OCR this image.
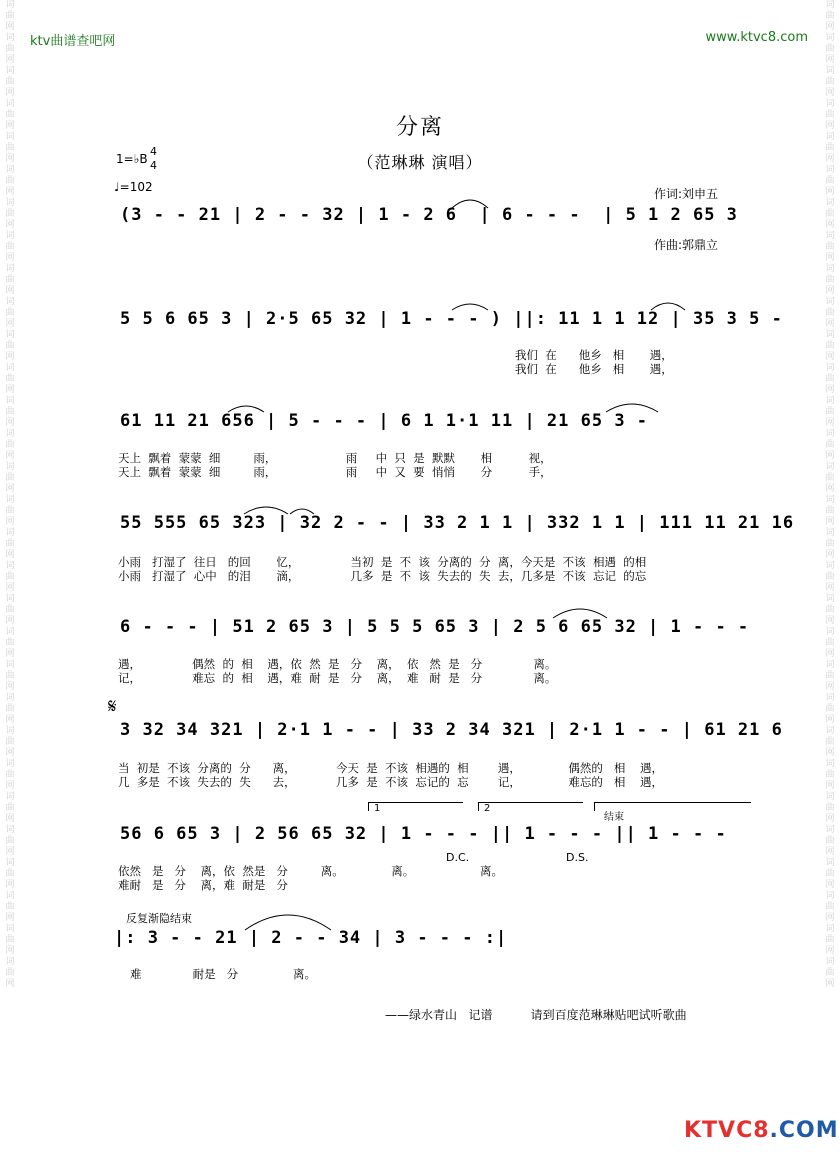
词曲网词曲网词曲网词曲网词曲网词曲网词曲网词曲网词曲网词曲网词曲网词曲网词曲网词曲网词曲网词曲网词曲网词曲网词曲网词曲网词曲网词曲网词曲网词曲网词曲网词曲网词曲网词曲网词曲网词曲网
词曲网词曲网词曲网词曲网词曲网词曲网词曲网词曲网词曲网词曲网词曲网词曲网词曲网词曲网词曲网词曲网词曲网词曲网词曲网词曲网词曲网词曲网词曲网词曲网词曲网词曲网词曲网词曲网词曲网词曲网
ktv曲谱查吧网	www.ktvc8.com
分离
（范琳琳 演唱）

作词:刘申五

作曲:郭鼎立

1=♭B
4
4
♩=102
(3 - - 21 | 2 - - 32 | 1 - 2 6  | 6 - - -  | 5 1 2 65 3
5 5 6 65 3 | 2·5 65 32 | 1 - - - ) ||: 11 1 1 12 | 35 3 5 -
我们  在      他乡   相       遇，
我们  在      他乡   相       遇，
61 11 21 656 | 5 - - - | 6 1 1·1 11 | 21 65 3 -
天上  飘着  蒙蒙  细         雨，                   雨     中  只  是  默默       相          视，
天上  飘着  蒙蒙  细         雨，                   雨     中  又  要  悄悄       分          手，
55 555 65 323 | 32 2 - - | 33 2 1 1 | 332 1 1 | 111 11 21 16
小雨   打湿了  往日   的回       忆，              当初  是  不  该  分离的  分  离，今天是  不该  相遇  的相
小雨   打湿了  心中   的泪       滴，              几多  是  不  该  失去的  失  去，几多是  不该  忘记  的忘
6 - - - | 51 2 65 3 | 5 5 5 65 3 | 2 5 6 65 32 | 1 - - -
遇，              偶然  的  相    遇，依  然  是   分    离，  依   然  是   分              离。
记，              难忘  的  相    遇，难  耐  是   分    离，  难   耐  是   分              离。
𝄋
3 32 34 321 | 2·1 1 - - | 33 2 34 321 | 2·1 1 - - | 61 21 6
当  初是  不该  分离的  分      离，           今天  是  不该  相遇的  相        遇，             偶然的   相    遇，
几  多是  不该  失去的  失      去，           几多  是  不该  忘记的  忘        记，             难忘的   相    遇，
1	2
结束
56 6 65 3 | 2 56 65 32 | 1 - - - || 1 - - - || 1 - - -
D.C.	D.S.
依然   是   分    离，依  然是   分         离。             离。                  离。
难耐   是   分    离，难  耐是   分
反复渐隐结束
|: 3 - - 21 | 2 - - 34 | 3 - - - :|
难              耐是   分               离。
——绿水青山   记谱          请到百度范琳琳贴吧试听歌曲
KTVC8.COM
